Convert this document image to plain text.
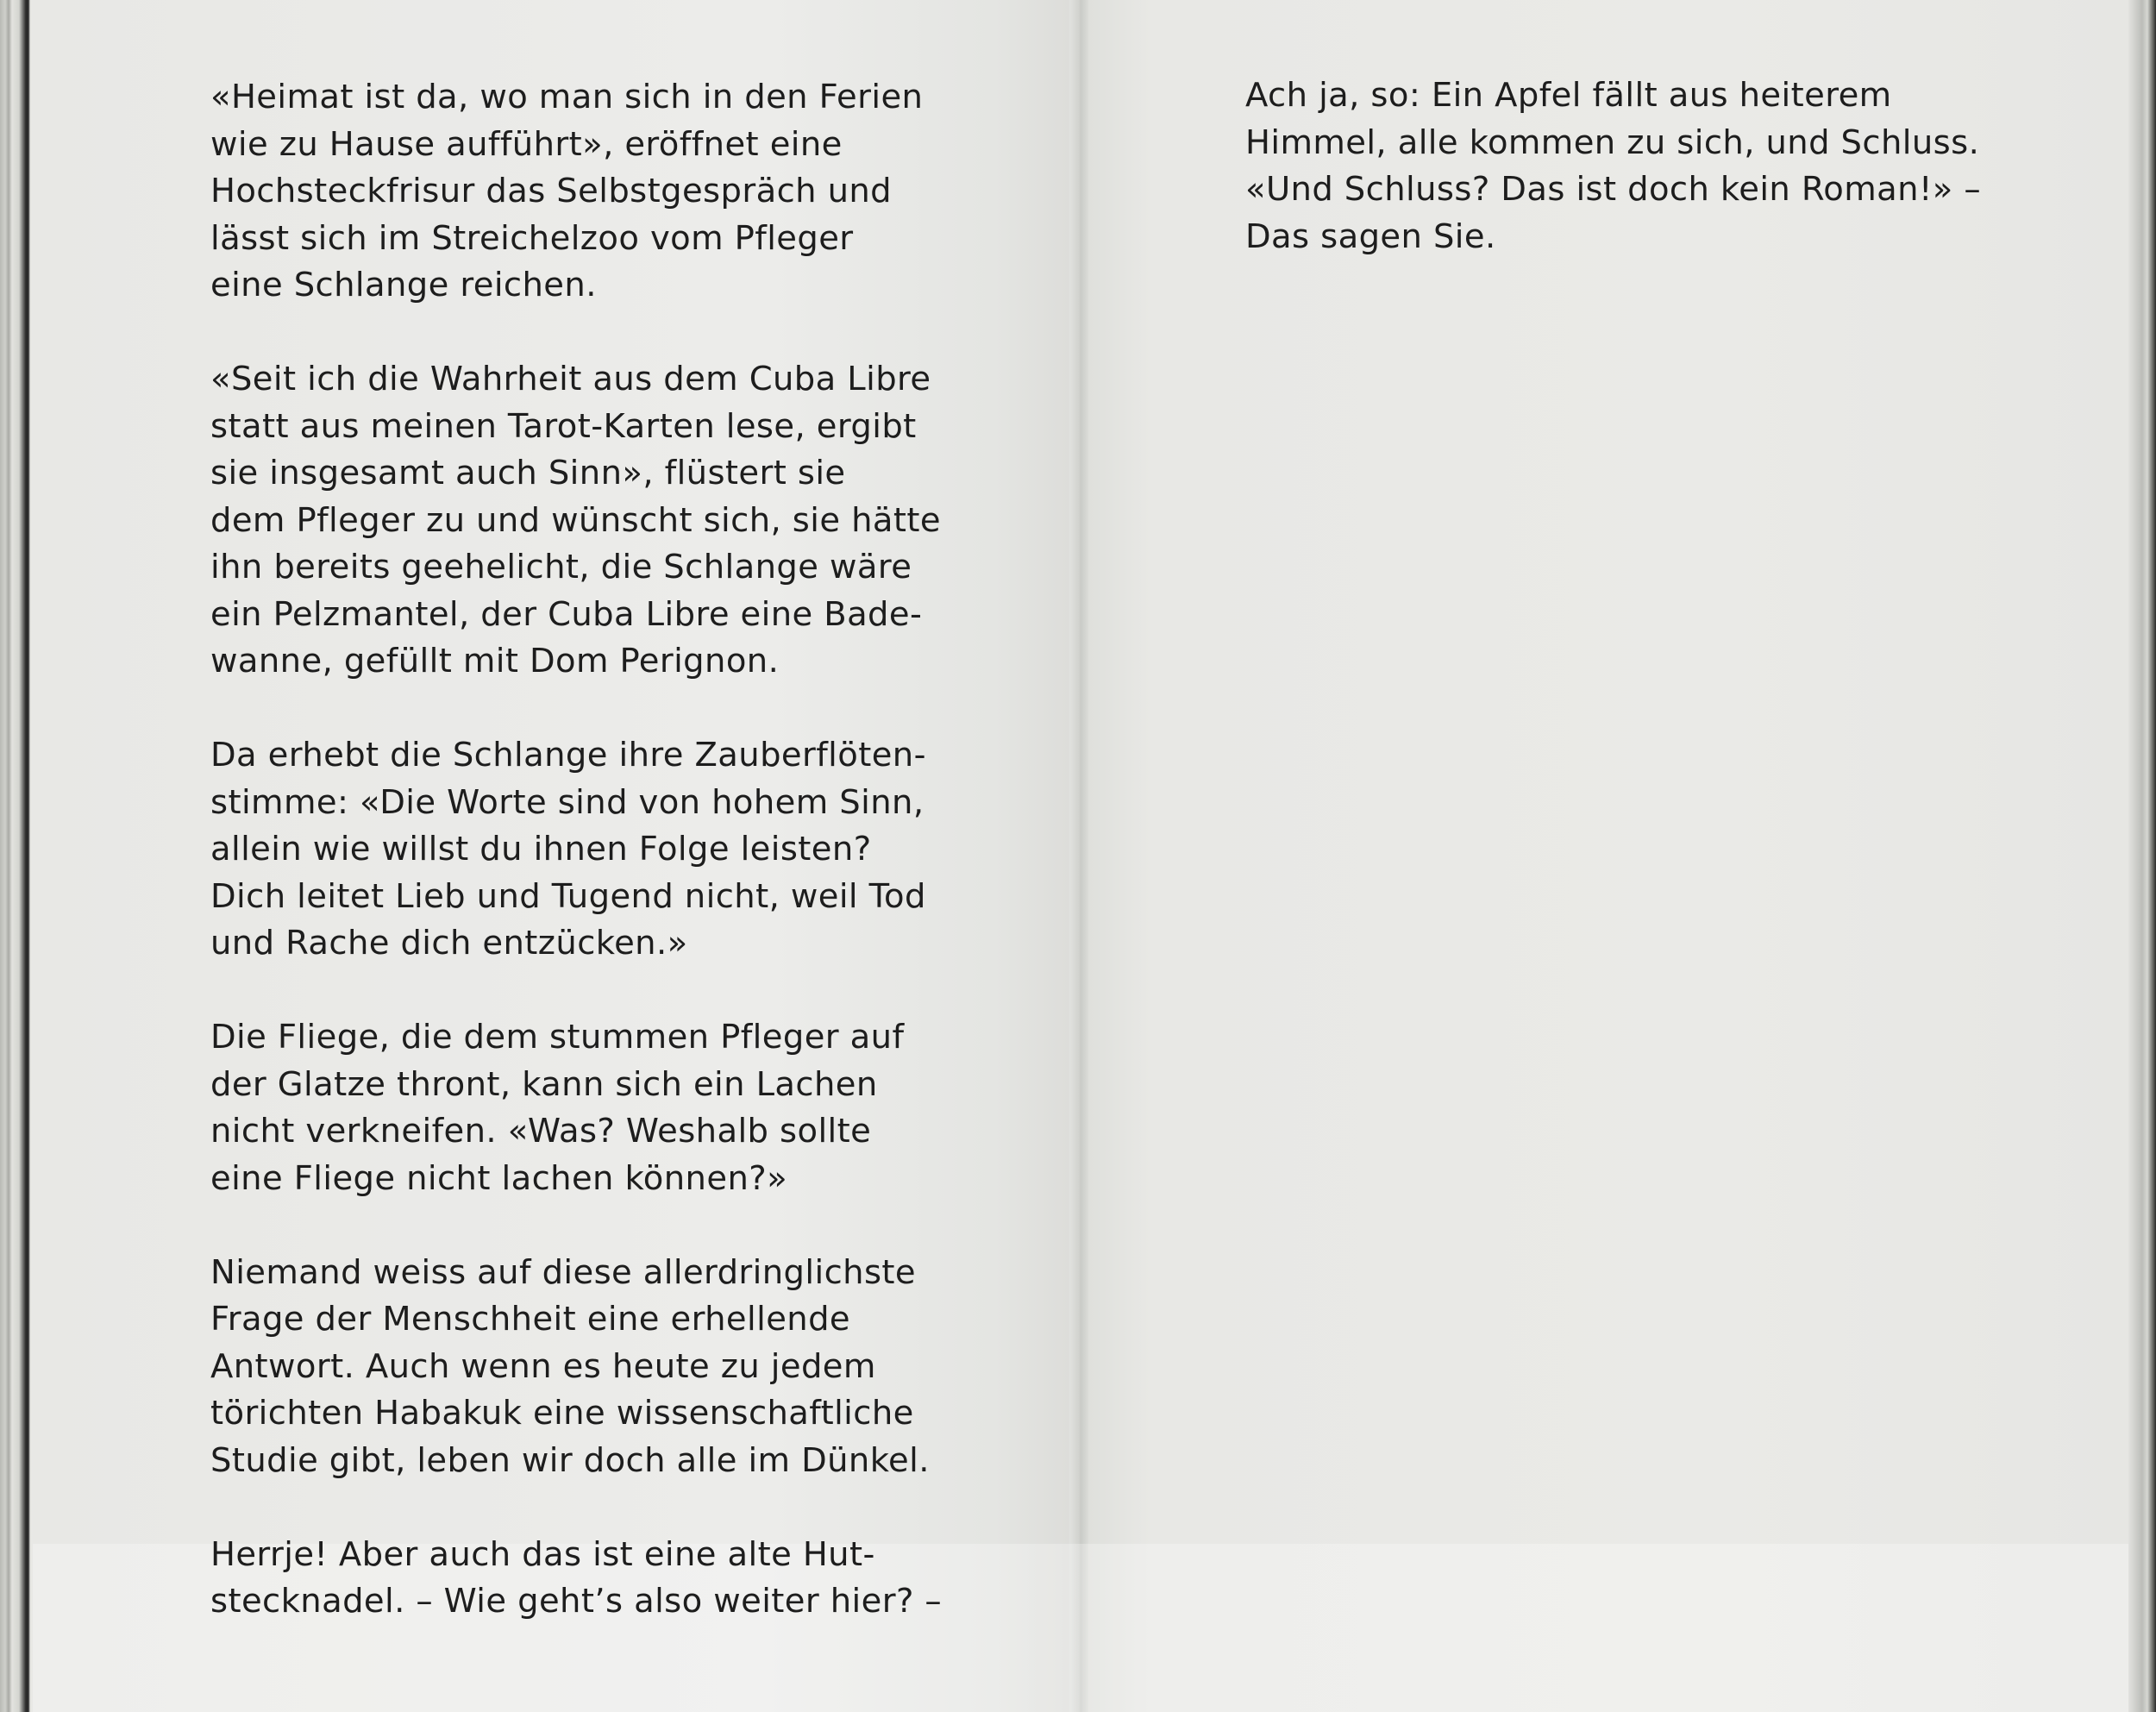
«Heimat ist da, wo man sich in den Ferien
wie zu Hause aufführt», eröffnet eine
Hochsteckfrisur das Selbstgespräch und
lässt sich im Streichelzoo vom Pfleger
eine Schlange reichen.
«Seit ich die Wahrheit aus dem Cuba Libre
statt aus meinen Tarot-Karten lese, ergibt
sie insgesamt auch Sinn», flüstert sie
dem Pfleger zu und wünscht sich, sie hätte
ihn bereits geehelicht, die Schlange wäre
ein Pelzmantel, der Cuba Libre eine Bade-
wanne, gefüllt mit Dom Perignon.
Da erhebt die Schlange ihre Zauberflöten-
stimme: «Die Worte sind von hohem Sinn,
allein wie willst du ihnen Folge leisten?
Dich leitet Lieb und Tugend nicht, weil Tod
und Rache dich entzücken.»
Die Fliege, die dem stummen Pfleger auf
der Glatze thront, kann sich ein Lachen
nicht verkneifen. «Was? Weshalb sollte
eine Fliege nicht lachen können?»
Niemand weiss auf diese allerdringlichste
Frage der Menschheit eine erhellende
Antwort. Auch wenn es heute zu jedem
törichten Habakuk eine wissenschaftliche
Studie gibt, leben wir doch alle im Dünkel.
Herrje! Aber auch das ist eine alte Hut-
stecknadel. – Wie geht’s also weiter hier? –
Ach ja, so: Ein Apfel fällt aus heiterem
Himmel, alle kommen zu sich, und Schluss.
«Und Schluss? Das ist doch kein Roman!» –
Das sagen Sie.
